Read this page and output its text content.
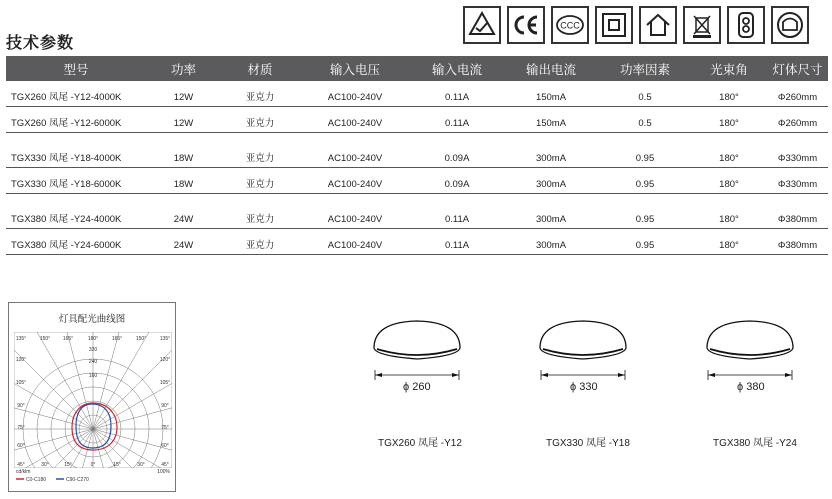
技术参数
CCC
型号	功率	材质	输入电压	输入电流	输出电流	功率因素	光束角	灯体尺寸
TGX260 凤尾 -Y12-4000K	12W	亚克力	AC100-240V	0.11A	150mA	0.5	180°	Φ260mm
TGX260 凤尾 -Y12-6000K	12W	亚克力	AC100-240V	0.11A	150mA	0.5	180°	Φ260mm
TGX330 凤尾 -Y18-4000K	18W	亚克力	AC100-240V	0.09A	300mA	0.95	180°	Φ330mm
TGX330 凤尾 -Y18-6000K	18W	亚克力	AC100-240V	0.09A	300mA	0.95	180°	Φ330mm
TGX380 凤尾 -Y24-4000K	24W	亚克力	AC100-240V	0.11A	300mA	0.95	180°	Φ380mm
TGX380 凤尾 -Y24-6000K	24W	亚克力	AC100-240V	0.11A	300mA	0.95	180°	Φ380mm
灯具配光曲线图
135°	150°	165°	180°	165°	150°	135°
120°
105°
90°
75°
60°
120°
105°
90°
75°
60°
45°	30°	15°	0°	15°	30°	45°
320
240
160
cd/klm	100%
C0-C180	C90-C270
ϕ 260
TGX260 凤尾 -Y12
ϕ 330
TGX330 凤尾 -Y18
ϕ 380
TGX380 凤尾 -Y24
